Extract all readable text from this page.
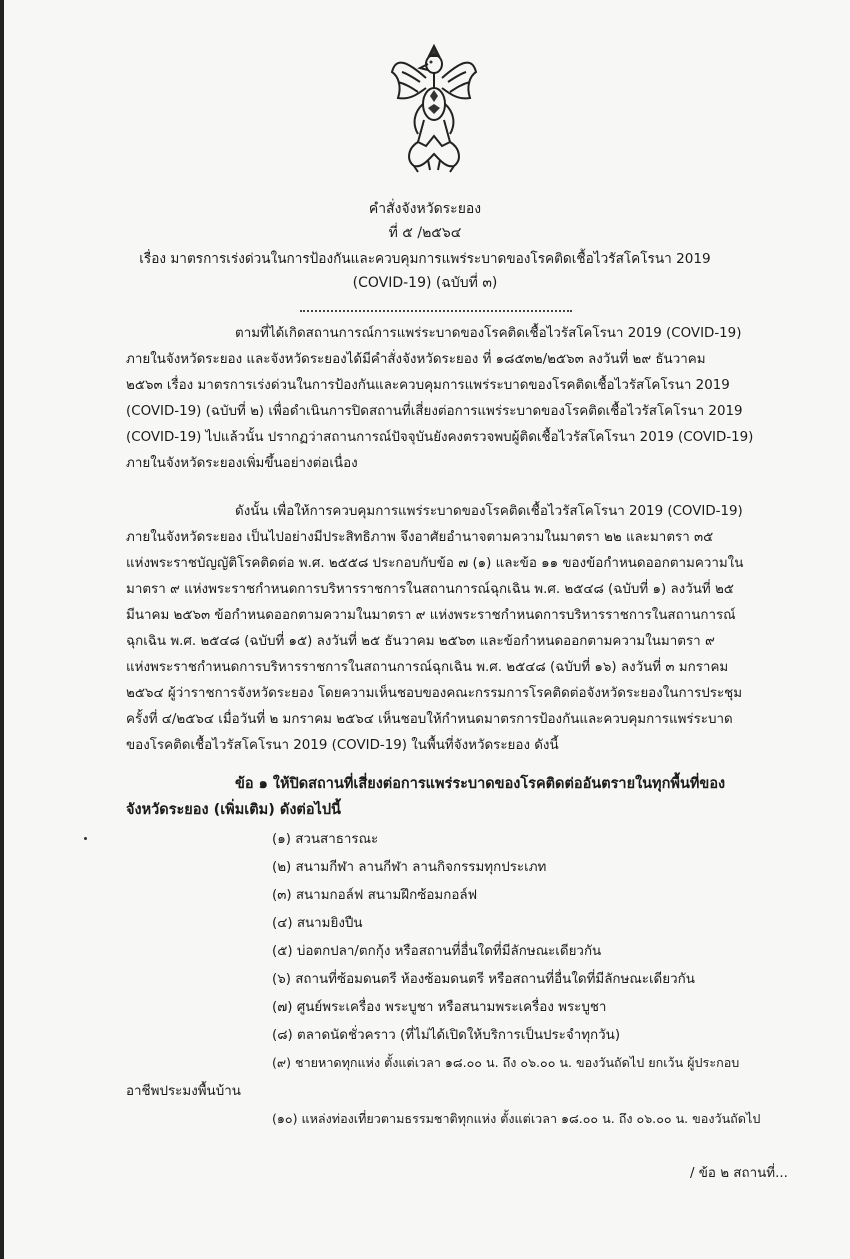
คำสั่งจังหวัดระยอง
ที่ ๕ /๒๕๖๔
เรื่อง มาตรการเร่งด่วนในการป้องกันและควบคุมการแพร่ระบาดของโรคติดเชื้อไวรัสโคโรนา 2019
(COVID-19) (ฉบับที่ ๓)
ตามที่ได้เกิดสถานการณ์การแพร่ระบาดของโรคติดเชื้อไวรัสโคโรนา 2019 (COVID-19)
ภายในจังหวัดระยอง และจังหวัดระยองได้มีคำสั่งจังหวัดระยอง ที่ ๑๘๕๓๒/๒๕๖๓ ลงวันที่ ๒๙ ธันวาคม
๒๕๖๓ เรื่อง มาตรการเร่งด่วนในการป้องกันและควบคุมการแพร่ระบาดของโรคติดเชื้อไวรัสโคโรนา 2019
(COVID-19) (ฉบับที่ ๒) เพื่อดำเนินการปิดสถานที่เสี่ยงต่อการแพร่ระบาดของโรคติดเชื้อไวรัสโคโรนา 2019
(COVID-19) ไปแล้วนั้น ปรากฏว่าสถานการณ์ปัจจุบันยังคงตรวจพบผู้ติดเชื้อไวรัสโคโรนา 2019 (COVID-19)
ภายในจังหวัดระยองเพิ่มขึ้นอย่างต่อเนื่อง
ดังนั้น เพื่อให้การควบคุมการแพร่ระบาดของโรคติดเชื้อไวรัสโคโรนา 2019 (COVID-19)
ภายในจังหวัดระยอง เป็นไปอย่างมีประสิทธิภาพ จึงอาศัยอำนาจตามความในมาตรา ๒๒ และมาตรา ๓๕
แห่งพระราชบัญญัติโรคติดต่อ พ.ศ. ๒๕๕๘ ประกอบกับข้อ ๗ (๑) และข้อ ๑๑ ของข้อกำหนดออกตามความใน
มาตรา ๙ แห่งพระราชกำหนดการบริหารราชการในสถานการณ์ฉุกเฉิน พ.ศ. ๒๕๔๘ (ฉบับที่ ๑) ลงวันที่ ๒๕
มีนาคม ๒๕๖๓ ข้อกำหนดออกตามความในมาตรา ๙ แห่งพระราชกำหนดการบริหารราชการในสถานการณ์
ฉุกเฉิน พ.ศ. ๒๕๔๘ (ฉบับที่ ๑๕) ลงวันที่ ๒๕ ธันวาคม ๒๕๖๓ และข้อกำหนดออกตามความในมาตรา ๙
แห่งพระราชกำหนดการบริหารราชการในสถานการณ์ฉุกเฉิน พ.ศ. ๒๕๔๘ (ฉบับที่ ๑๖) ลงวันที่ ๓ มกราคม
๒๕๖๔ ผู้ว่าราชการจังหวัดระยอง โดยความเห็นชอบของคณะกรรมการโรคติดต่อจังหวัดระยองในการประชุม
ครั้งที่ ๔/๒๕๖๔ เมื่อวันที่ ๒ มกราคม ๒๕๖๔ เห็นชอบให้กำหนดมาตรการป้องกันและควบคุมการแพร่ระบาด
ของโรคติดเชื้อไวรัสโคโรนา 2019 (COVID-19) ในพื้นที่จังหวัดระยอง ดังนี้
ข้อ ๑ ให้ปิดสถานที่เสี่ยงต่อการแพร่ระบาดของโรคติดต่ออันตรายในทุกพื้นที่ของ
จังหวัดระยอง (เพิ่มเติม) ดังต่อไปนี้
(๑) สวนสาธารณะ
(๒) สนามกีฬา ลานกีฬา ลานกิจกรรมทุกประเภท
(๓) สนามกอล์ฟ สนามฝึกซ้อมกอล์ฟ
(๔) สนามยิงปืน
(๕) บ่อตกปลา/ตกกุ้ง หรือสถานที่อื่นใดที่มีลักษณะเดียวกัน
(๖) สถานที่ซ้อมดนตรี ห้องซ้อมดนตรี หรือสถานที่อื่นใดที่มีลักษณะเดียวกัน
(๗) ศูนย์พระเครื่อง พระบูชา หรือสนามพระเครื่อง พระบูชา
(๘) ตลาดนัดชั่วคราว (ที่ไม่ได้เปิดให้บริการเป็นประจำทุกวัน)
(๙) ชายหาดทุกแห่ง ตั้งแต่เวลา ๑๘.๐๐ น. ถึง ๐๖.๐๐ น. ของวันถัดไป ยกเว้น ผู้ประกอบ
อาชีพประมงพื้นบ้าน
(๑๐) แหล่งท่องเที่ยวตามธรรมชาติทุกแห่ง ตั้งแต่เวลา ๑๘.๐๐ น. ถึง ๐๖.๐๐ น. ของวันถัดไป
/ ข้อ ๒ สถานที่...
